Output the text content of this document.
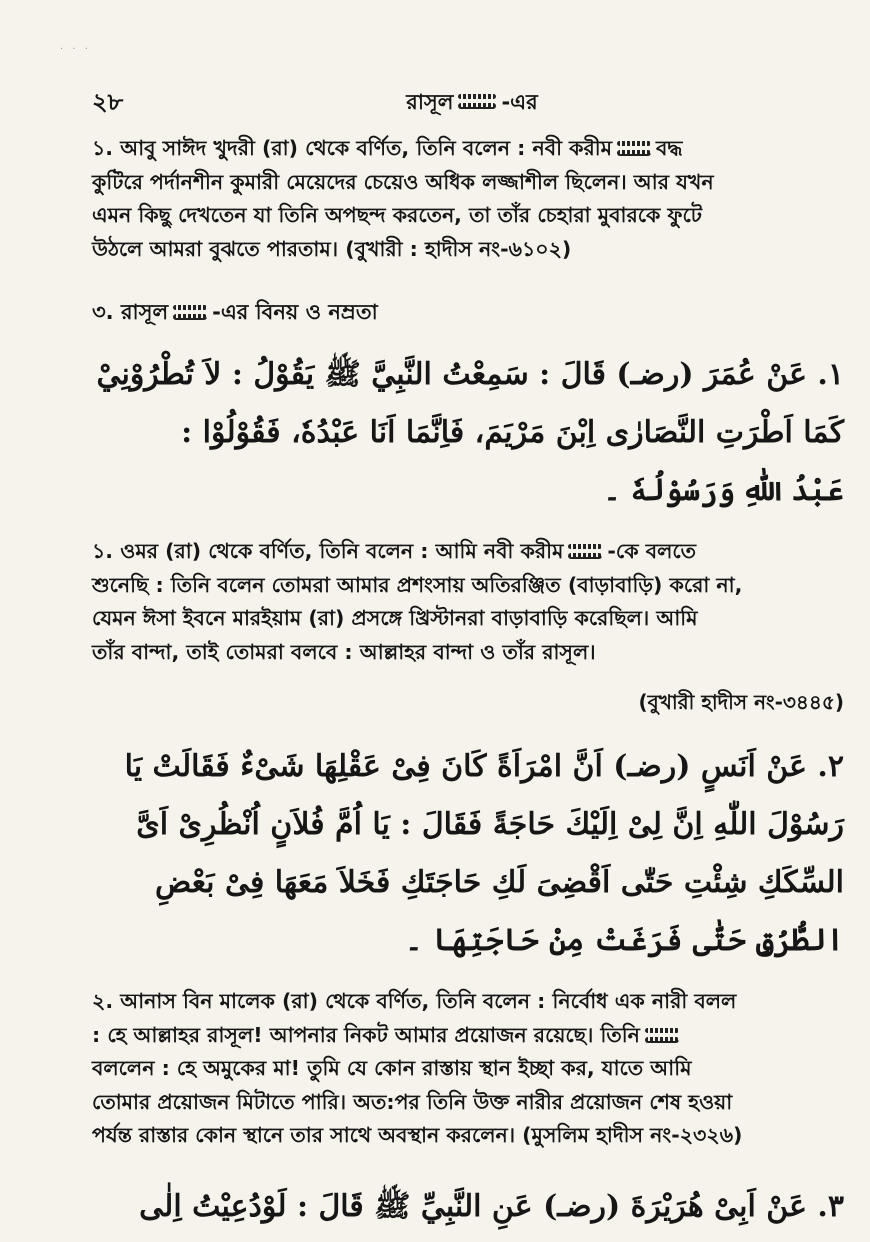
· · ·
২৮	রাসূল -এর
১. আবু সাঈদ খুদরী (রা) থেকে বর্ণিত, তিনি বলেন : নবী করীম বদ্ধ
কুটিরে পর্দানশীন কুমারী মেয়েদের চেয়েও অধিক লজ্জাশীল ছিলেন। আর যখন
এমন কিছু দেখতেন যা তিনি অপছন্দ করতেন, তা তাঁর চেহারা মুবারকে ফুটে
উঠলে আমরা বুঝতে পারতাম। (বুখারী : হাদীস নং-৬১০২)
৩. রাসূল -এর বিনয় ও নম্রতা
١. عَنْ عُمَرَ (رضـ) قَالَ : سَمِعْتُ النَّبِيَّ ﷺ يَقُوْلُ : لاَ تُطْرُوْنِيْ
كَمَا اَطْرَتِ النَّصَارٰى اِبْنَ مَرْيَمَ، فَاِنَّمَا اَنَا عَبْدُهٗ، فَقُوْلُوْا :
عَبْدُ اللّٰهِ وَرَسُوْلُهٗ ۔
১. ওমর (রা) থেকে বর্ণিত, তিনি বলেন : আমি নবী করীম -কে বলতে
শুনেছি : তিনি বলেন তোমরা আমার প্রশংসায় অতিরঞ্জিত (বাড়াবাড়ি) করো না,
যেমন ঈসা ইবনে মারইয়াম (রা) প্রসঙ্গে খ্রিস্টানরা বাড়াবাড়ি করেছিল। আমি
তাঁর বান্দা, তাই তোমরা বলবে : আল্লাহর বান্দা ও তাঁর রাসূল।
(বুখারী হাদীস নং-৩৪৪৫)
٢. عَنْ اَنَسٍ (رضـ) اَنَّ امْرَاَةً كَانَ فِىْ عَقْلِهَا شَىْءٌ فَقَالَتْ يَا
رَسُوْلَ اللّٰهِ اِنَّ لِىْ اِلَيْكَ حَاجَةً فَقَالَ : يَا اُمَّ فُلاَنٍ اُنْظُرِىْ اَىَّ
السِّكَكِ شِئْتِ حَتّٰى اَقْضِىَ لَكِ حَاجَتَكِ فَخَلاَ مَعَهَا فِىْ بَعْضِ
الطُّرُقِ حَتّٰى فَرَغَتْ مِنْ حَاجَتِهَا ۔
২. আনাস বিন মালেক (রা) থেকে বর্ণিত, তিনি বলেন : নির্বোধ এক নারী বলল
: হে আল্লাহর রাসূল! আপনার নিকট আমার প্রয়োজন রয়েছে। তিনি
বললেন : হে অমুকের মা! তুমি যে কোন রাস্তায় স্থান ইচ্ছা কর, যাতে আমি
তোমার প্রয়োজন মিটাতে পারি। অত:পর তিনি উক্ত নারীর প্রয়োজন শেষ হওয়া
পর্যন্ত রাস্তার কোন স্থানে তার সাথে অবস্থান করলেন। (মুসলিম হাদীস নং-২৩২৬)
٣. عَنْ اَبِىْ هُرَيْرَةَ (رضـ) عَنِ النَّبِيِّ ﷺ قَالَ : لَوْدُعِيْتُ اِلٰى
